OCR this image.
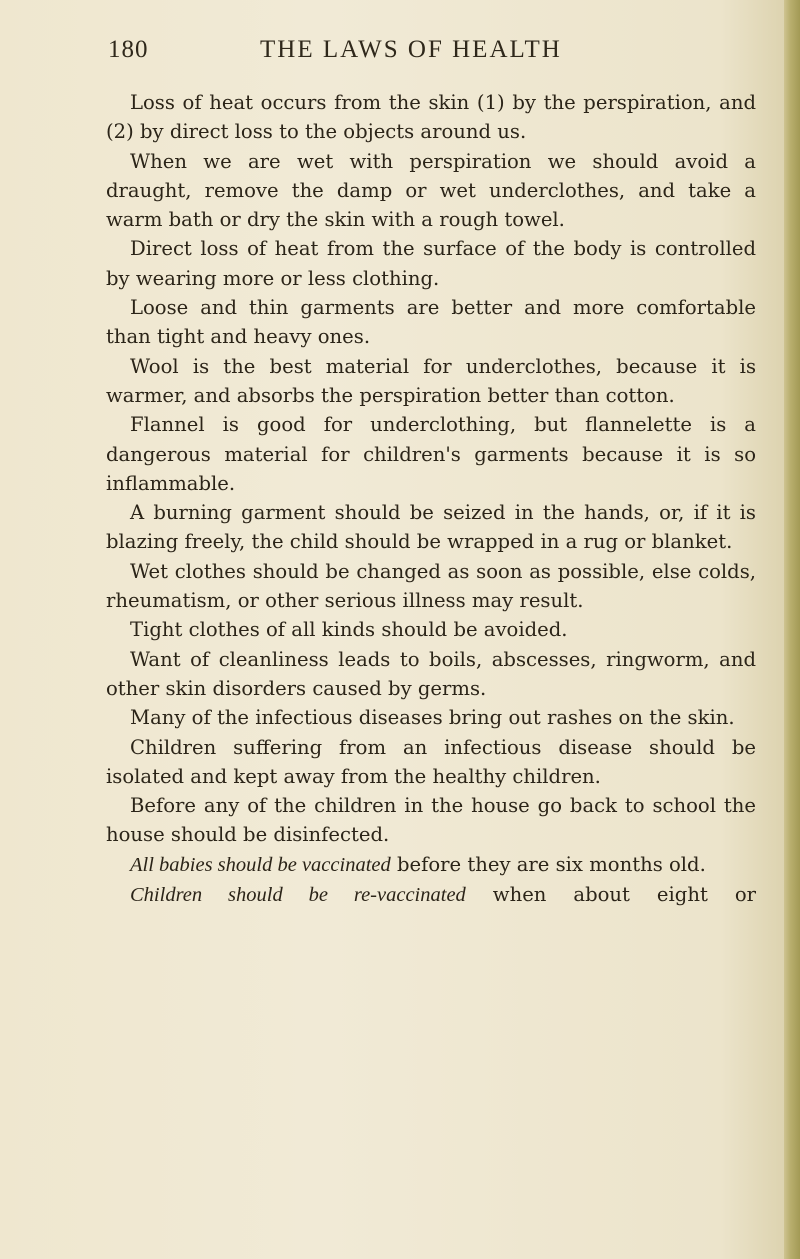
180	THE LAWS OF HEALTH

Loss of heat occurs from the skin (1) by the perspiration, and (2) by direct loss to the objects around us.

When we are wet with perspiration we should avoid a draught, remove the damp or wet underclothes, and take a warm bath or dry the skin with a rough towel.

Direct loss of heat from the surface of the body is controlled by wearing more or less clothing.

Loose and thin garments are better and more comfortable than tight and heavy ones.

Wool is the best material for underclothes, because it is warmer, and absorbs the perspiration better than cotton.

Flannel is good for underclothing, but flannelette is a dangerous material for children's garments because it is so inflammable.

A burning garment should be seized in the hands, or, if it is blazing freely, the child should be wrapped in a rug or blanket.

Wet clothes should be changed as soon as possible, else colds, rheumatism, or other serious illness may result.

Tight clothes of all kinds should be avoided.

Want of cleanliness leads to boils, abscesses, ringworm, and other skin disorders caused by germs.

Many of the infectious diseases bring out rashes on the skin.

Children suffering from an infectious disease should be isolated and kept away from the healthy children.

Before any of the children in the house go back to school the house should be disinfected.

All babies should be vaccinated before they are six months old.

Children should be re-vaccinated when about eight or
